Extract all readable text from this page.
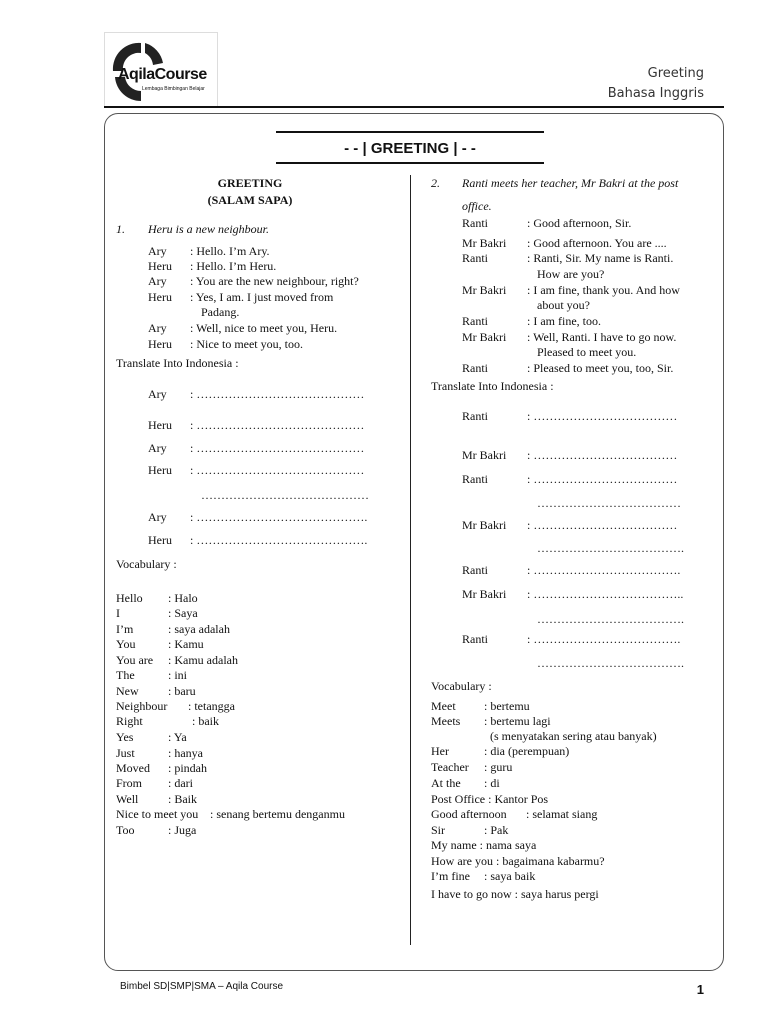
AqilaCourse
Lembaga Bimbingan Belajar
Greeting
Bahasa Inggris
- - | GREETING | - -
GREETING
(SALAM SAPA)
1. Heru is a new neighbour.
Ary : Hello. I’m Ary.
Heru : Hello. I’m Heru.
Ary : You are the new neighbour, right?
Heru : Yes, I am. I just moved from
Padang.
Ary : Well, nice to meet you, Heru.
Heru : Nice to meet you, too.
Translate Into Indonesia :
Ary : ……………………………………
Heru : ……………………………………
Ary : ……………………………………
Heru : ……………………………………
……………………………………
Ary : …………………………………….
Heru : …………………………………….
Vocabulary :
Hello : Halo
I	: Saya
I’m	: saya adalah
You	: Kamu
You are : Kamu adalah
The	: ini
New : baru
Neighbour : tetangga
Right	: baik
Yes	: Ya
Just	: hanya
Moved : pindah
From : dari
Well : Baik
Nice to meet you : senang bertemu denganmu
Too	: Juga
2. Ranti meets her teacher, Mr Bakri at the post
office.
Ranti	: Good afternoon, Sir.
Mr Bakri : Good afternoon. You are ....
Ranti	: Ranti, Sir. My name is Ranti.
How are you?
Mr Bakri : I am fine, thank you. And how
about you?
Ranti	: I am fine, too.
Mr Bakri : Well, Ranti. I have to go now.
Pleased to meet you.
Ranti	: Pleased to meet you, too, Sir.
Translate Into Indonesia :
Ranti	: ………………………………
Mr Bakri : ………………………………
Ranti	: ………………………………
………………………………
Mr Bakri : ………………………………
……………………………….
Ranti	: ……………………………….
Mr Bakri : ………………………………..
……………………………….
Ranti	: ……………………………….
……………………………….
Vocabulary :
Meet : bertemu
Meets : bertemu lagi
(s menyatakan sering atau banyak)
Her	: dia (perempuan)
Teacher : guru
At the : di
Post Office : Kantor Pos
Good afternoon : selamat siang
Sir	: Pak
My name : nama saya
How are you : bagaimana kabarmu?
I’m fine : saya baik
I have to go now : saya harus pergi
Bimbel SD|SMP|SMA – Aqila Course	1
